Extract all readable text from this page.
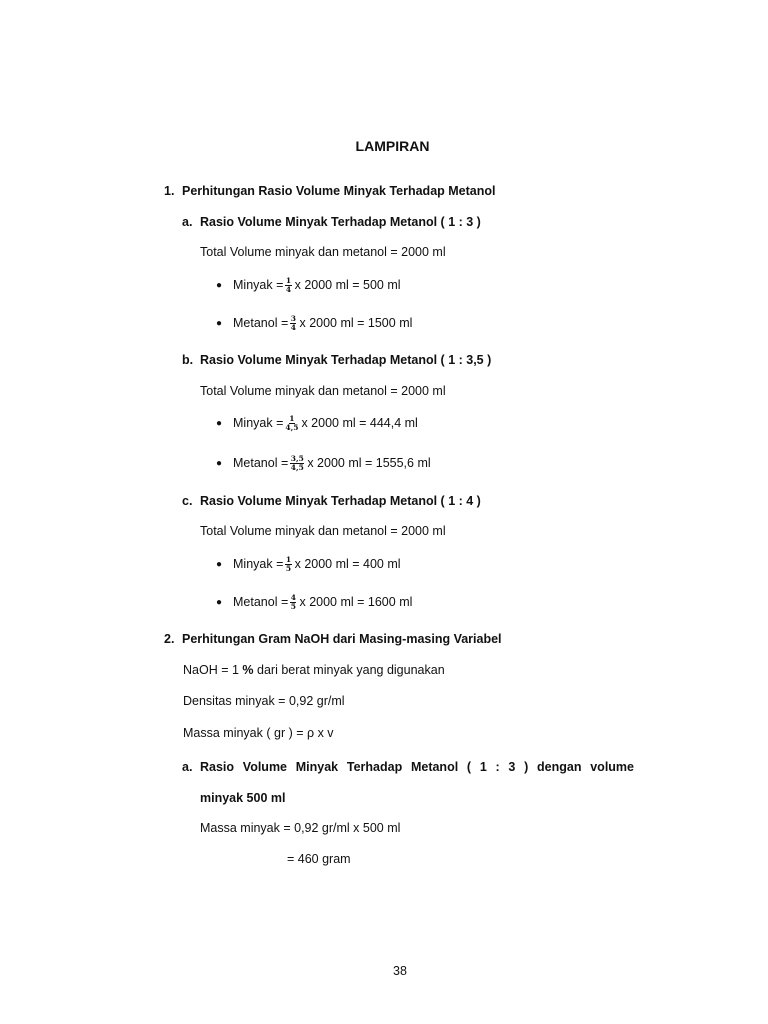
LAMPIRAN
1. Perhitungan Rasio Volume Minyak Terhadap Metanol
a. Rasio Volume Minyak Terhadap Metanol ( 1 : 3 )
Total Volume minyak dan metanol = 2000 ml
● Minyak = $\frac{1}{4}$ x 2000 ml = 500 ml
● Metanol = $\frac{3}{4}$ x 2000 ml = 1500 ml
b. Rasio Volume Minyak Terhadap Metanol ( 1 : 3,5 )
Total Volume minyak dan metanol = 2000 ml
● Minyak = $\frac{1}{4,5}$ x 2000 ml = 444,4 ml
● Metanol = $\frac{3,5}{4,5}$ x 2000 ml = 1555,6 ml
c. Rasio Volume Minyak Terhadap Metanol ( 1 : 4 )
Total Volume minyak dan metanol = 2000 ml
● Minyak = $\frac{1}{5}$ x 2000 ml = 400 ml
● Metanol = $\frac{4}{5}$ x 2000 ml = 1600 ml
2. Perhitungan Gram NaOH dari Masing-masing Variabel
NaOH = 1 % dari berat minyak yang digunakan
Densitas minyak = 0,92 gr/ml
Massa minyak ( gr ) = ρ x v
a. Rasio Volume Minyak Terhadap Metanol ( 1 : 3 ) dengan volume
minyak 500 ml
Massa minyak = 0,92 gr/ml x 500 ml
= 460 gram
38
